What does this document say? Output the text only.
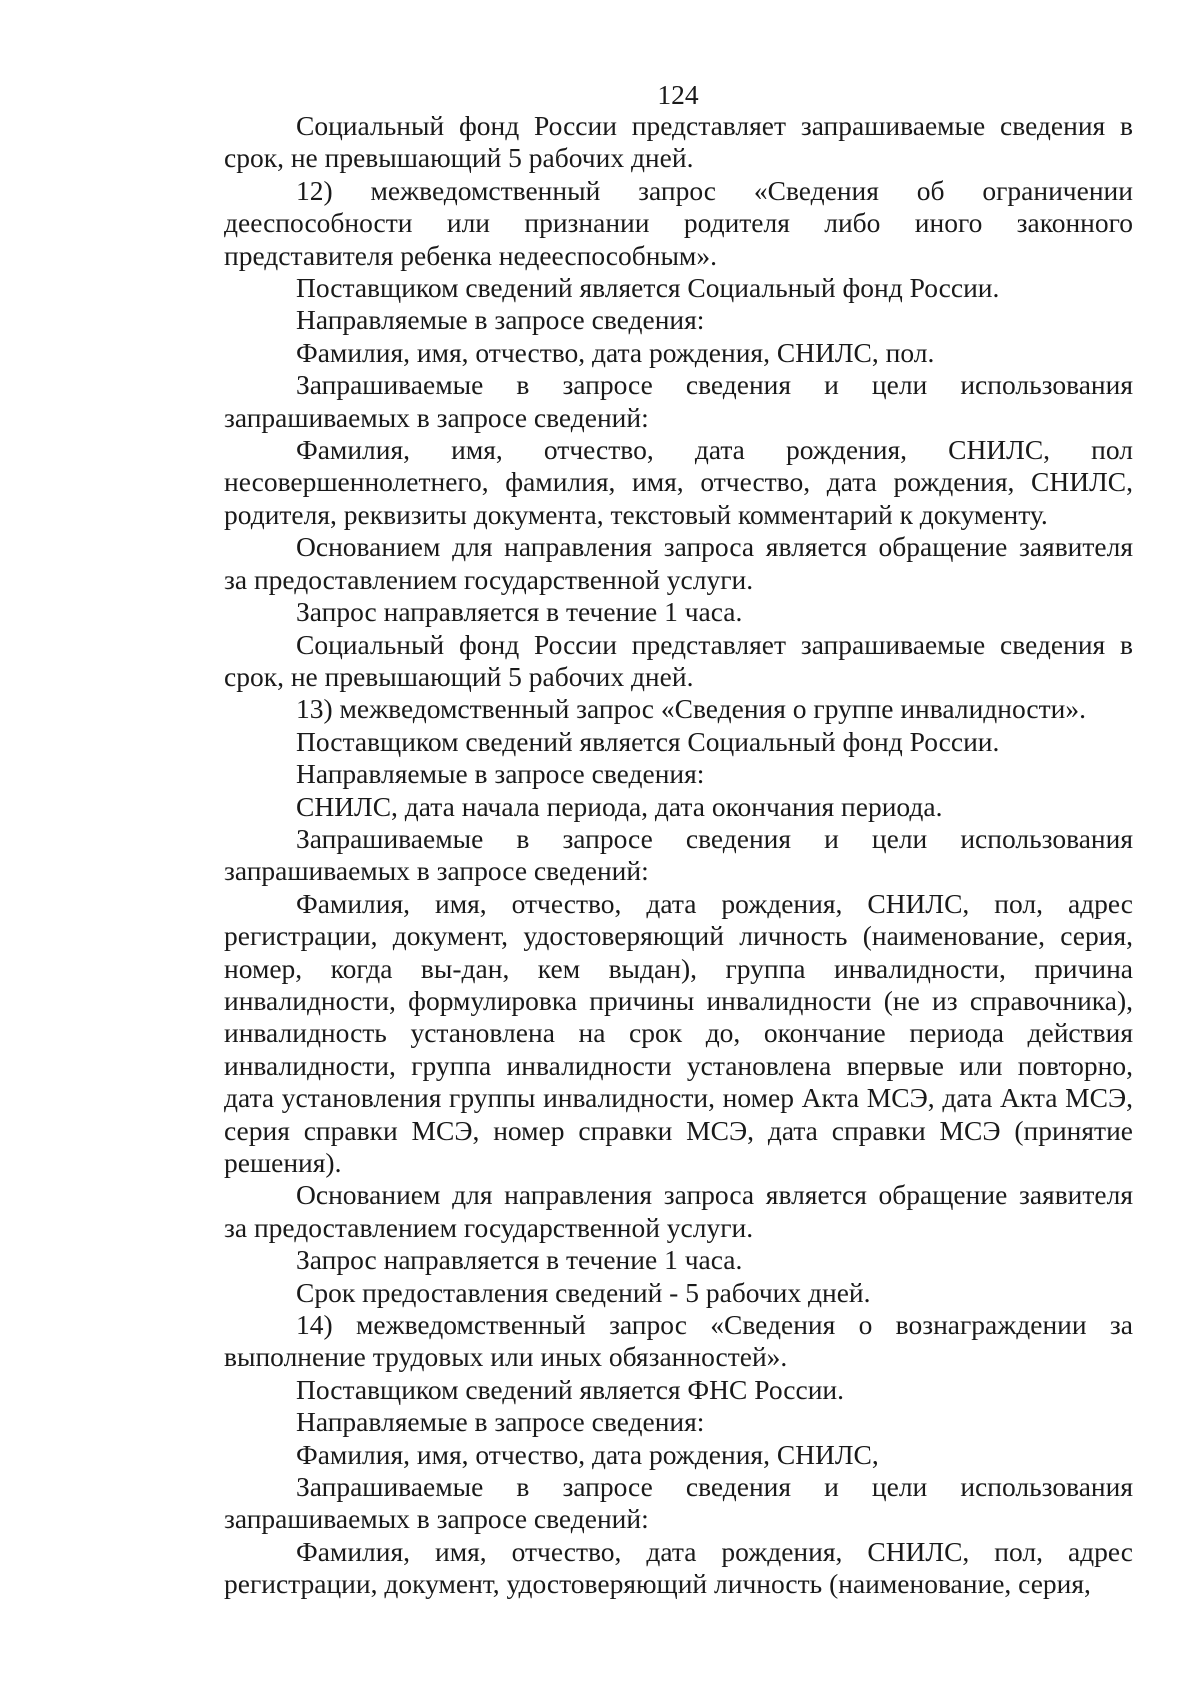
124

Социальный фонд России представляет запрашиваемые сведения в срок, не превышающий 5 рабочих дней.

12) межведомственный запрос «Сведения об ограничении дееспособности или признании родителя либо иного законного представителя ребенка недееспособным».

Поставщиком сведений является Социальный фонд России.

Направляемые в запросе сведения:

Фамилия, имя, отчество, дата рождения, СНИЛС, пол.

Запрашиваемые в запросе сведения и цели использования запрашиваемых в запросе сведений:

Фамилия, имя, отчество, дата рождения, СНИЛС, пол несовершеннолетнего, фамилия, имя, отчество, дата рождения, СНИЛС, родителя, реквизиты документа, текстовый комментарий к документу.

Основанием для направления запроса является обращение заявителя за предоставлением государственной услуги.

Запрос направляется в течение 1 часа.

Социальный фонд России представляет запрашиваемые сведения в срок, не превышающий 5 рабочих дней.

13) межведомственный запрос «Сведения о группе инвалидности».

Поставщиком сведений является Социальный фонд России.

Направляемые в запросе сведения:

СНИЛС, дата начала периода, дата окончания периода.

Запрашиваемые в запросе сведения и цели использования запрашиваемых в запросе сведений:

Фамилия, имя, отчество, дата рождения, СНИЛС, пол, адрес регистрации, документ, удостоверяющий личность (наименование, серия, номер, когда вы-дан, кем выдан), группа инвалидности, причина инвалидности, формулировка причины инвалидности (не из справочника), инвалидность установлена на срок до, окончание периода действия инвалидности, группа инвалидности установлена впервые или повторно, дата установления группы инвалидности, номер Акта МСЭ, дата Акта МСЭ, серия справки МСЭ, номер справки МСЭ, дата справки МСЭ (принятие решения).

Основанием для направления запроса является обращение заявителя за предоставлением государственной услуги.

Запрос направляется в течение 1 часа.

Срок предоставления сведений - 5 рабочих дней.

14) межведомственный запрос «Сведения о вознаграждении за выполнение трудовых или иных обязанностей».

Поставщиком сведений является ФНС России.

Направляемые в запросе сведения:

Фамилия, имя, отчество, дата рождения, СНИЛС,

Запрашиваемые в запросе сведения и цели использования запрашиваемых в запросе сведений:

Фамилия, имя, отчество, дата рождения, СНИЛС, пол, адрес регистрации, документ, удостоверяющий личность (наименование, серия,
